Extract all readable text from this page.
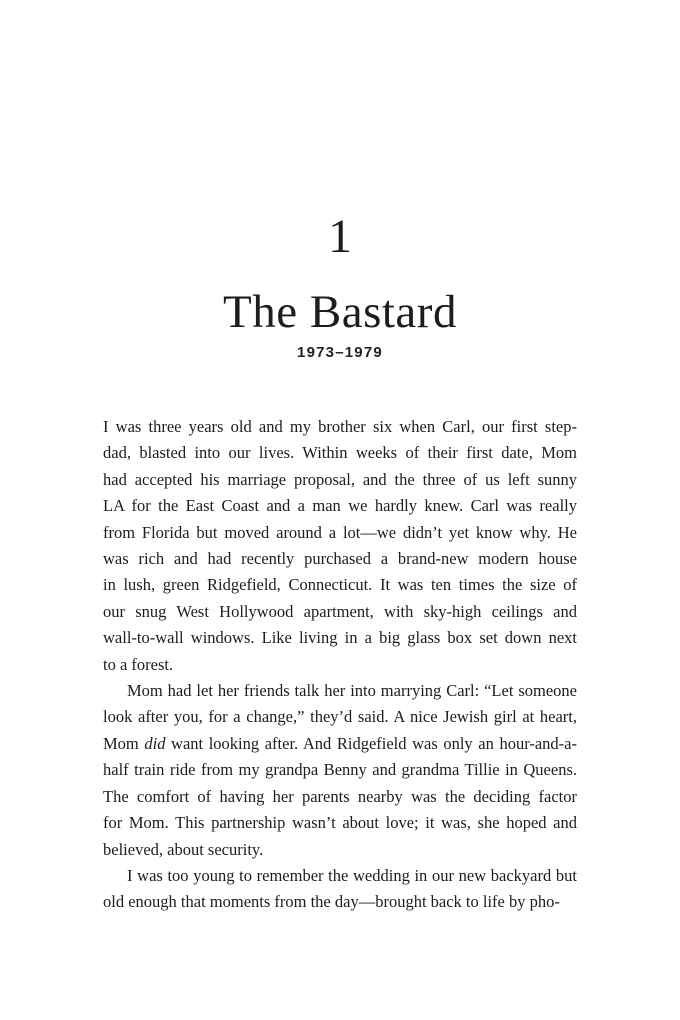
1
The Bastard
1973–1979

I was three years old and my brother six when Carl, our first step-
dad, blasted into our lives. Within weeks of their first date, Mom
had accepted his marriage proposal, and the three of us left sunny
LA for the East Coast and a man we hardly knew. Carl was really
from Florida but moved around a lot—we didn’t yet know why. He
was rich and had recently purchased a brand-new modern house
in lush, green Ridgefield, Connecticut. It was ten times the size of
our snug West Hollywood apartment, with sky-high ceilings and
wall-to-wall windows. Like living in a big glass box set down next
to a forest.

Mom had let her friends talk her into marrying Carl: “Let someone
look after you, for a change,” they’d said. A nice Jewish girl at heart,
Mom did want looking after. And Ridgefield was only an hour-and-a-
half train ride from my grandpa Benny and grandma Tillie in Queens.
The comfort of having her parents nearby was the deciding factor
for Mom. This partnership wasn’t about love; it was, she hoped and
believed, about security.

I was too young to remember the wedding in our new backyard but
old enough that moments from the day—brought back to life by pho-
